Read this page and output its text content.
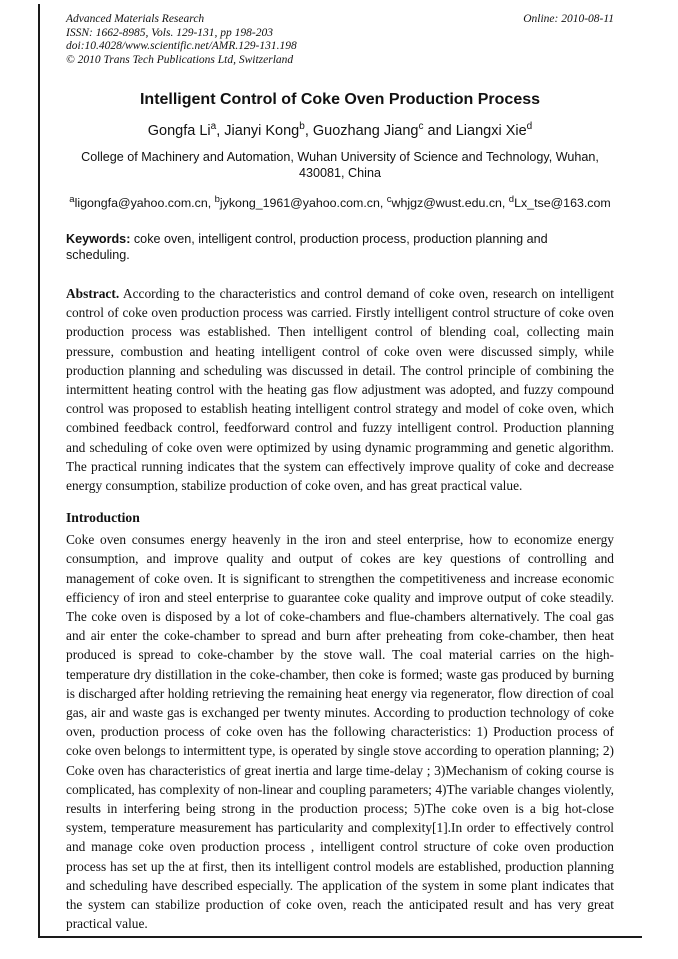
Advanced Materials Research
ISSN: 1662-8985, Vols. 129-131, pp 198-203
doi:10.4028/www.scientific.net/AMR.129-131.198
© 2010 Trans Tech Publications Ltd, Switzerland
Online: 2010-08-11
Intelligent Control of Coke Oven Production Process
Gongfa Li$^a$, Jianyi Kong$^b$, Guozhang Jiang$^c$ and Liangxi Xie$^d$
College of Machinery and Automation, Wuhan University of Science and Technology, Wuhan, 430081, China
$^a$ligongfa@yahoo.com.cn, $^b$jykong_1961@yahoo.com.cn, $^c$whjgz@wust.edu.cn, $^d$Lx_tse@163.com
Keywords: coke oven, intelligent control, production process, production planning and scheduling.

Abstract. According to the characteristics and control demand of coke oven, research on intelligent control of coke oven production process was carried. Firstly intelligent control structure of coke oven production process was established. Then intelligent control of blending coal, collecting main pressure, combustion and heating intelligent control of coke oven were discussed simply, while production planning and scheduling was discussed in detail. The control principle of combining the intermittent heating control with the heating gas flow adjustment was adopted, and fuzzy compound control was proposed to establish heating intelligent control strategy and model of coke oven, which combined feedback control, feedforward control and fuzzy intelligent control. Production planning and scheduling of coke oven were optimized by using dynamic programming and genetic algorithm. The practical running indicates that the system can effectively improve quality of coke and decrease energy consumption, stabilize production of coke oven, and has great practical value.

Introduction

Coke oven consumes energy heavenly in the iron and steel enterprise, how to economize energy consumption, and improve quality and output of cokes are key questions of controlling and management of coke oven. It is significant to strengthen the competitiveness and increase economic efficiency of iron and steel enterprise to guarantee coke quality and improve output of coke steadily. The coke oven is disposed by a lot of coke-chambers and flue-chambers alternatively. The coal gas and air enter the coke-chamber to spread and burn after preheating from coke-chamber, then heat produced is spread to coke-chamber by the stove wall. The coal material carries on the high-temperature dry distillation in the coke-chamber, then coke is formed; waste gas produced by burning is discharged after holding retrieving the remaining heat energy via regenerator, flow direction of coal gas, air and waste gas is exchanged per twenty minutes. According to production technology of coke oven, production process of coke oven has the following characteristics: 1) Production process of coke oven belongs to intermittent type, is operated by single stove according to operation planning; 2) Coke oven has characteristics of great inertia and large time-delay ; 3)Mechanism of coking course is complicated, has complexity of non-linear and coupling parameters; 4)The variable changes violently, results in interfering being strong in the production process; 5)The coke oven is a big hot-close system, temperature measurement has particularity and complexity[1].In order to effectively control and manage coke oven production process , intelligent control structure of coke oven production process has set up the at first, then its intelligent control models are established, production planning and scheduling have described especially. The application of the system in some plant indicates that the system can stabilize production of coke oven, reach the anticipated result and has very great practical value.
